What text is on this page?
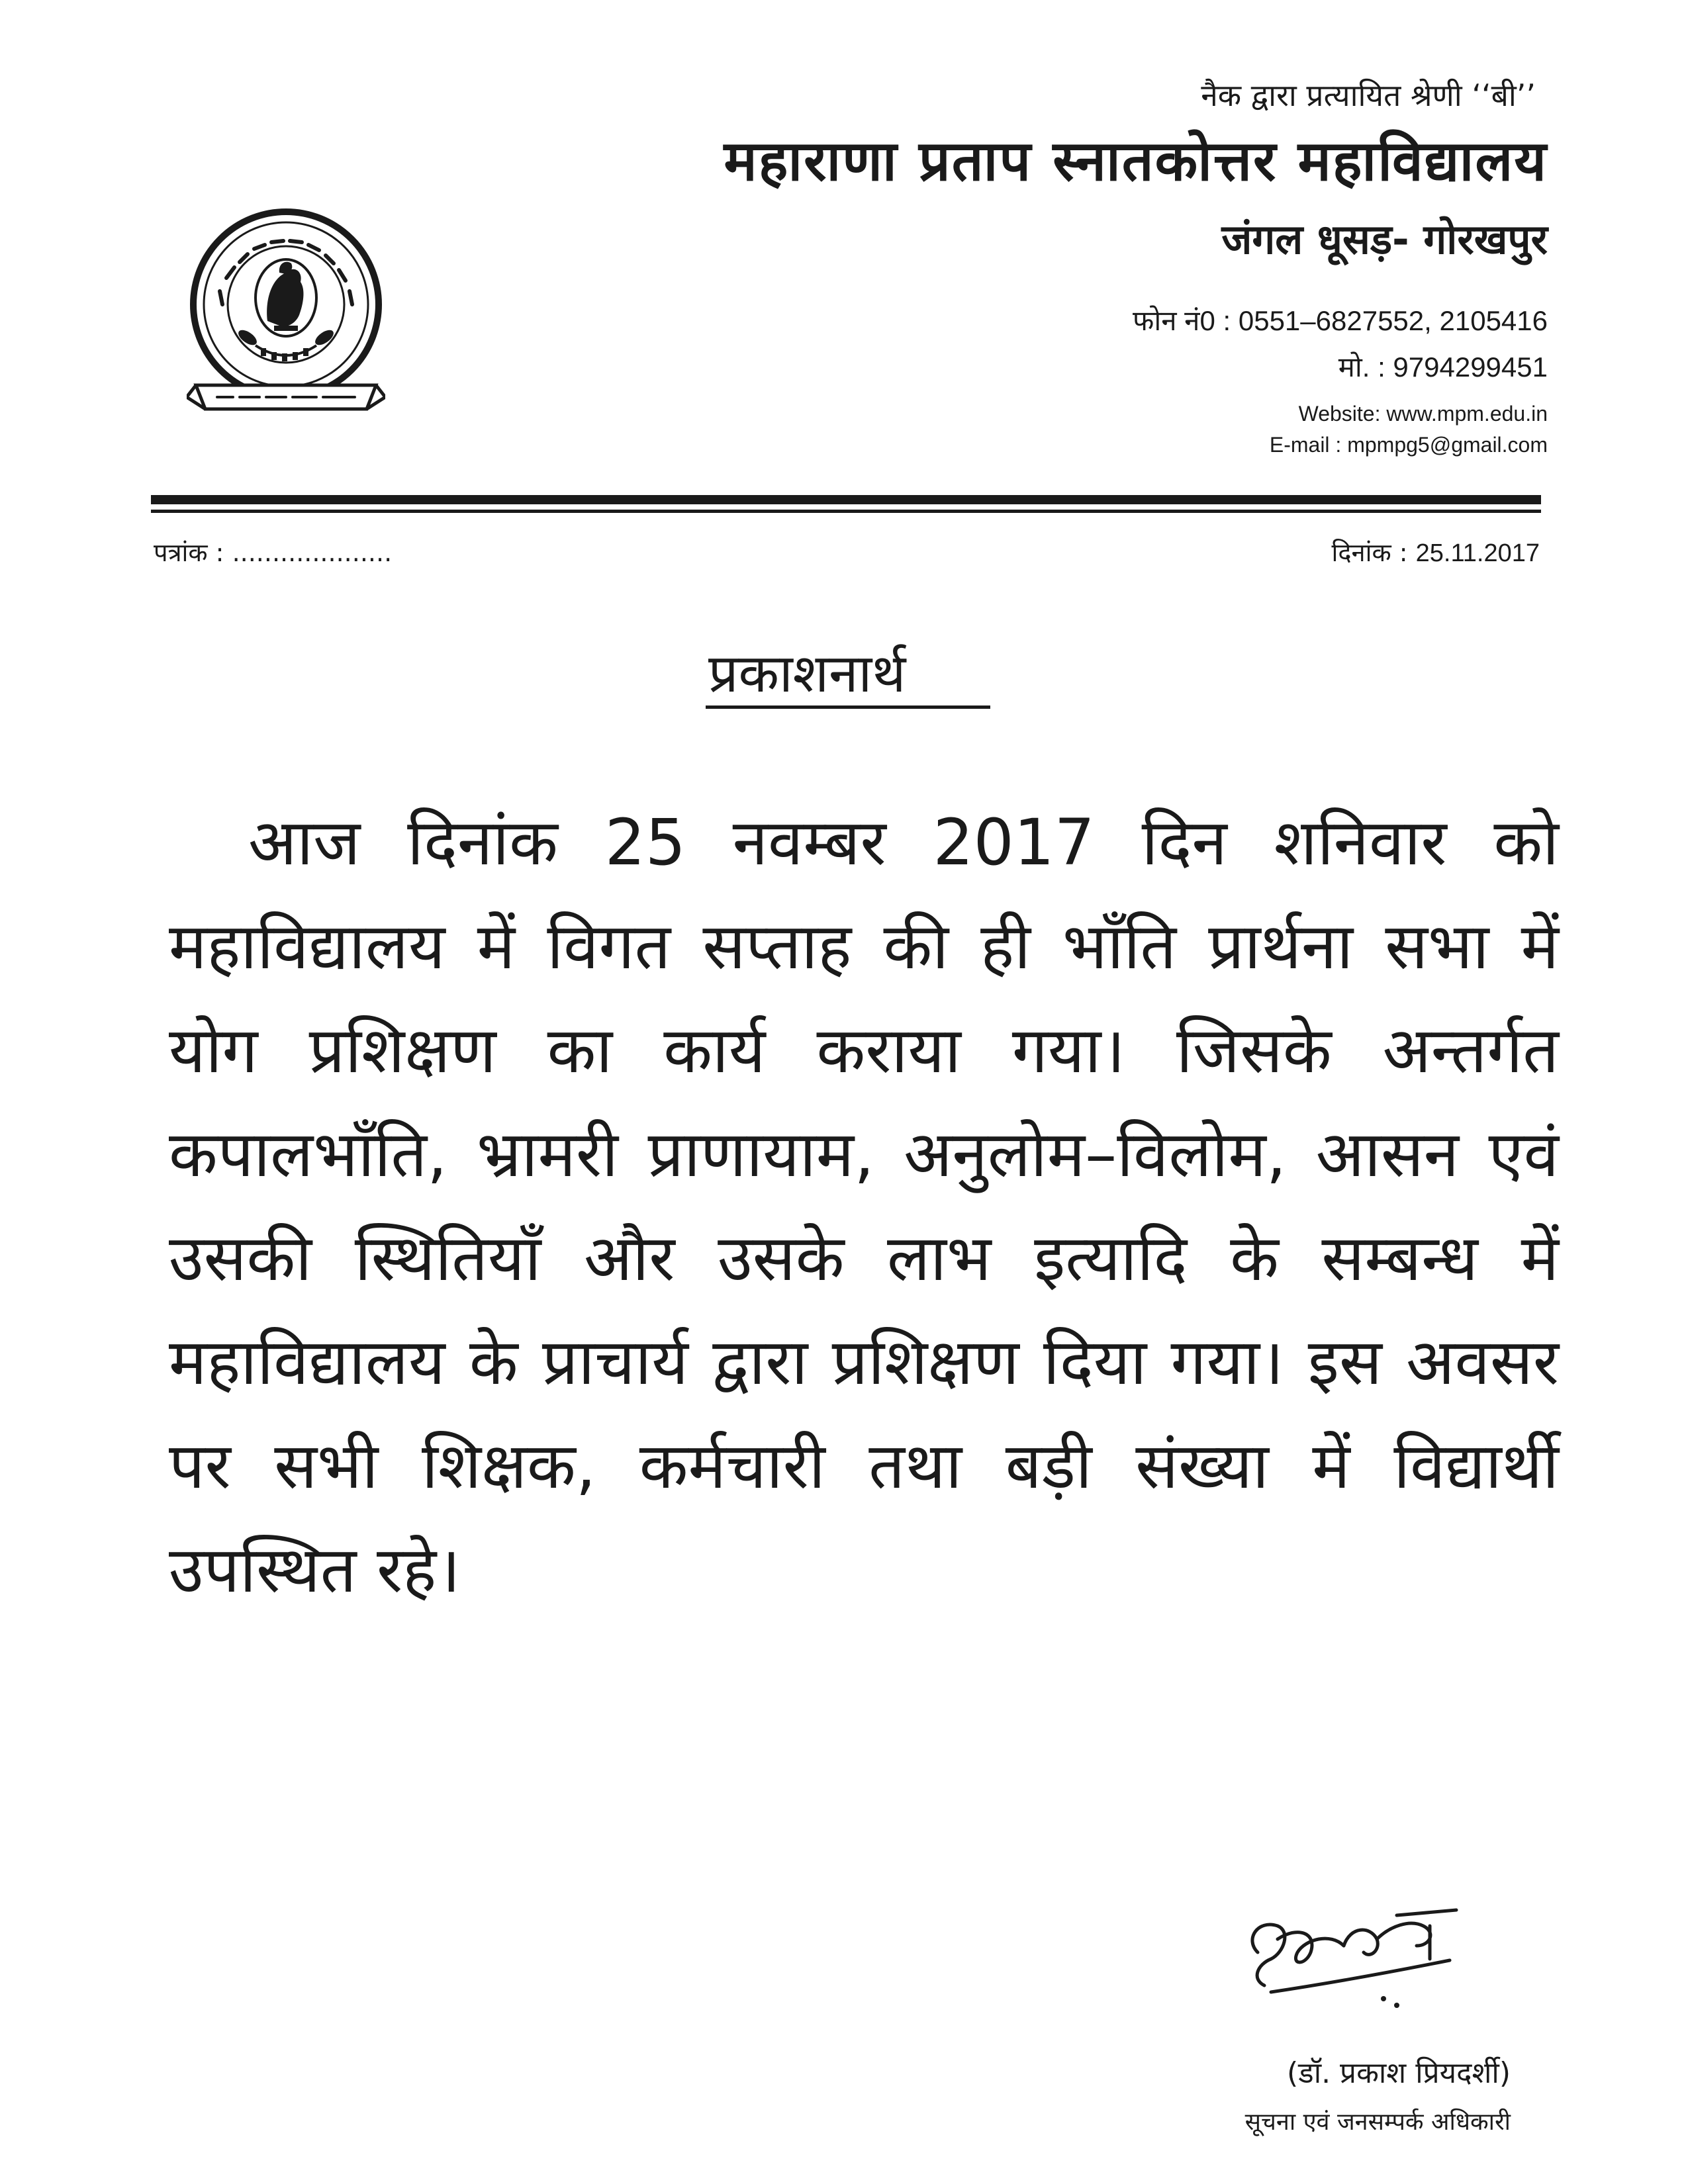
नैक द्वारा प्रत्यायित श्रेणी ‘‘बी’’
महाराणा प्रताप स्नातकोत्तर महाविद्यालय
जंगल धूसड़- गोरखपुर
फोन नं0 : 0551–6827552, 2105416
मो. : 9794299451
Website: www.mpm.edu.in
E-mail : mpmpg5@gmail.com
पत्रांक : ....................	दिनांक : 25.11.2017
प्रकाशनार्थ

आज दिनांक 25 नवम्बर 2017 दिन शनिवार को महाविद्यालय में विगत सप्ताह की ही भाँति प्रार्थना सभा में योग प्रशिक्षण का कार्य कराया गया। जिसके अन्तर्गत कपालभाँति, भ्रामरी प्राणायाम, अनुलोम–विलोम, आसन एवं उसकी स्थितियाँ और उसके लाभ इत्यादि के सम्बन्ध में महाविद्यालय के प्राचार्य द्वारा प्रशिक्षण दिया गया। इस अवसर पर सभी शिक्षक, कर्मचारी तथा बड़ी संख्या में विद्यार्थी उपस्थित रहे।

(डॉ. प्रकाश प्रियदर्शी)
सूचना एवं जनसम्पर्क अधिकारी
